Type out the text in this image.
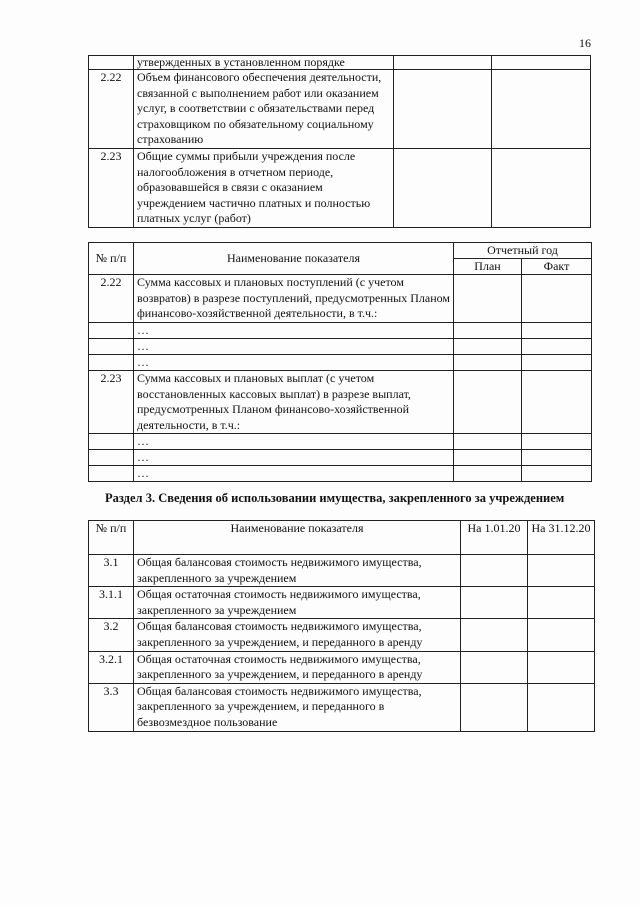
16
	утвержденных в установленном порядке		
2.22	Объем финансового обеспечения деятельности, связанной с выполнением работ или оказанием услуг, в соответствии с обязательствами перед страховщиком по обязательному социальному страхованию		
2.23	Общие суммы прибыли учреждения после налогообложения в отчетном периоде, образовавшейся в связи с оказанием учреждением частично платных и полностью платных услуг (работ)		
№ п/п	Наименование показателя	Отчетный год	
		План	Факт
2.22	Сумма кассовых и плановых поступлений (с учетом возвратов) в разрезе поступлений, предусмотренных Планом финансово-хозяйственной деятельности, в т.ч.:		
	…		
	…		
	…		
2.23	Сумма кассовых и плановых выплат (с учетом восстановленных кассовых выплат) в разрезе выплат, предусмотренных Планом финансово-хозяйственной деятельности, в т.ч.:		
	…		
	…		
	…		
Раздел 3. Сведения об использовании имущества, закрепленного за учреждением
№ п/п	Наименование показателя	На 1.01.20	На 31.12.20
3.1	Общая балансовая стоимость недвижимого имущества, закрепленного за учреждением		
3.1.1	Общая остаточная стоимость недвижимого имущества, закрепленного за учреждением		
3.2	Общая балансовая стоимость недвижимого имущества, закрепленного за учреждением, и переданного в аренду		
3.2.1	Общая остаточная стоимость недвижимого имущества, закрепленного за учреждением, и переданного в аренду		
3.3	Общая балансовая стоимость недвижимого имущества, закрепленного за учреждением, и переданного в безвозмездное пользование		
